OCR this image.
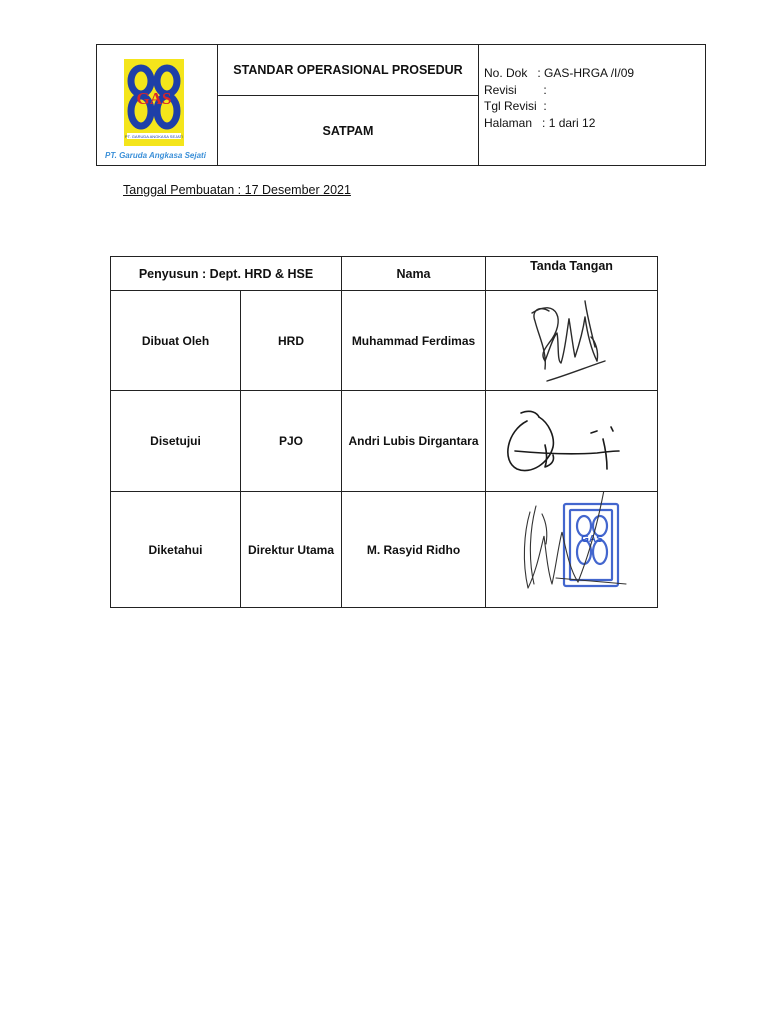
GAS
PT. GARUDA ANGKASA SEJATI
PT. Garuda Angkasa Sejati
STANDAR OPERASIONAL PROSEDUR
SATPAM
No. Dok : GAS-HRGA /I/09
Revisi :
Tgl Revisi :
Halaman : 1 dari 12
Tanggal Pembuatan : 17 Desember 2021
Penyusun : Dept. HRD & HSE		Nama	Tanda Tangan
Dibuat Oleh	HRD	Muhammad Ferdimas	
Disetujui	PJO	Andri Lubis Dirgantara	
Diketahui	Direktur Utama	M. Rasyid Ridho	GAS
